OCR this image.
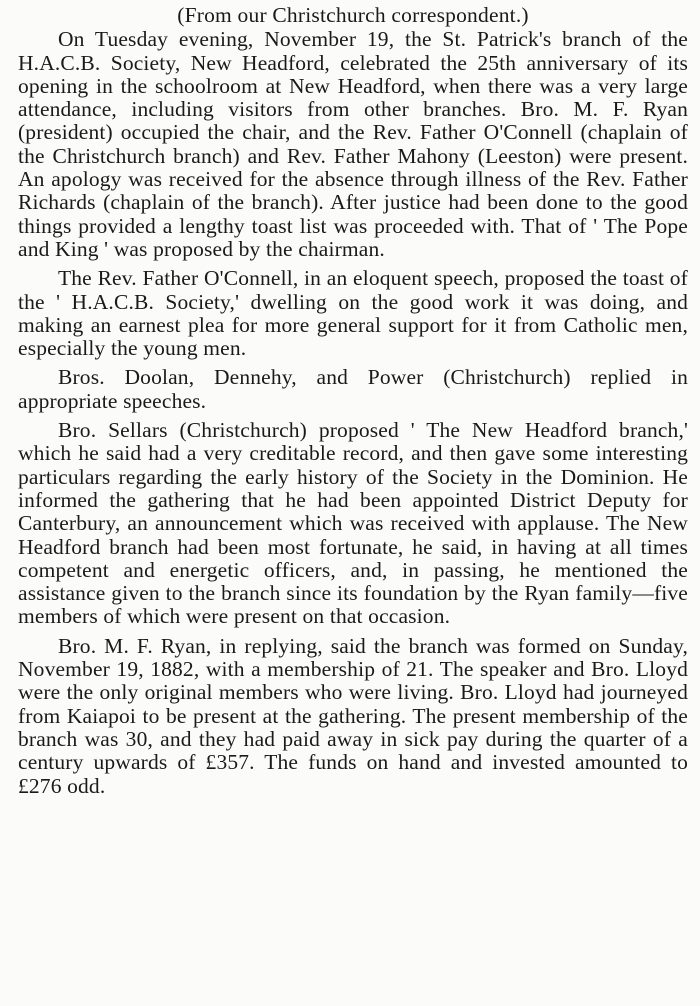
(From our Christchurch correspondent.)

On Tuesday evening, November 19, the St. Patrick's branch of the H.A.C.B. Society, New Headford, celebrated the 25th anniversary of its opening in the schoolroom at New Headford, when there was a very large attendance, including visitors from other branches. Bro. M. F. Ryan (president) occupied the chair, and the Rev. Father O'Connell (chaplain of the Christchurch branch) and Rev. Father Mahony (Leeston) were present. An apology was received for the absence through illness of the Rev. Father Richards (chaplain of the branch). After justice had been done to the good things provided a lengthy toast list was proceeded with. That of ' The Pope and King ' was proposed by the chairman.

The Rev. Father O'Connell, in an eloquent speech, proposed the toast of the ' H.A.C.B. Society,' dwelling on the good work it was doing, and making an earnest plea for more general support for it from Catholic men, especially the young men.

Bros. Doolan, Dennehy, and Power (Christchurch) replied in appropriate speeches.

Bro. Sellars (Christchurch) proposed ' The New Headford branch,' which he said had a very creditable record, and then gave some interesting particulars regarding the early history of the Society in the Dominion. He informed the gathering that he had been appointed District Deputy for Canterbury, an announcement which was received with applause. The New Headford branch had been most fortunate, he said, in having at all times competent and energetic officers, and, in passing, he mentioned the assistance given to the branch since its foundation by the Ryan family—five members of which were present on that occasion.

Bro. M. F. Ryan, in replying, said the branch was formed on Sunday, November 19, 1882, with a membership of 21. The speaker and Bro. Lloyd were the only original members who were living. Bro. Lloyd had journeyed from Kaiapoi to be present at the gathering. The present membership of the branch was 30, and they had paid away in sick pay during the quarter of a century upwards of £357. The funds on hand and invested amounted to £276 odd.
